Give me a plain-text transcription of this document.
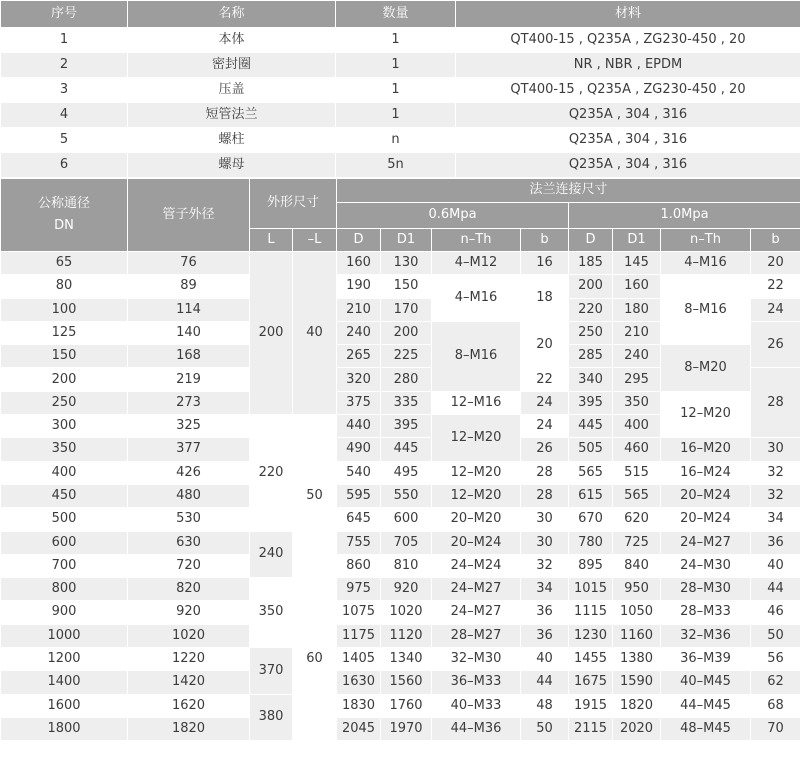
序号	名称	数量	材料
1	本体	1	QT400-15 , Q235A , ZG230-450 , 20
2	密封圈	1	NR , NBR , EPDM
3	压盖	1	QT400-15 , Q235A , ZG230-450 , 20
4	短管法兰	1	Q235A , 304 , 316
5	螺柱	n	Q235A , 304 , 316
6	螺母	5n	Q235A , 304 , 316
公称通径
DN	管子外径	外形尺寸		法兰连接尺寸							
				0.6Mpa				1.0Mpa			
		L	–L	D	D1	n–Th	b	D	D1	n–Th	b
65	76	200	40	160	130	4–M12	16	185	145	4–M16	20
80	89			190	150	4–M16	18	200	160	8–M16	22
100	114			210	170			220	180		24
125	140			240	200	8–M16	20	250	210		26
150	168			265	225			285	240	8–M20	
200	219			320	280		22	340	295		28
250	273			375	335	12–M16	24	395	350	12–M20	
300	325	220	50	440	395	12–M20	24	445	400		
350	377			490	445		26	505	460	16–M20	30
400	426			540	495	12–M20	28	565	515	16–M24	32
450	480			595	550	12–M20	28	615	565	20–M24	32
500	530			645	600	20–M20	30	670	620	20–M24	34
600	630	240		755	705	20–M24	30	780	725	24–M27	36
700	720			860	810	24–M24	32	895	840	24–M30	40
800	820	350	60	975	920	24–M27	34	1015	950	28–M30	44
900	920			1075	1020	24–M27	36	1115	1050	28–M33	46
1000	1020			1175	1120	28–M27	36	1230	1160	32–M36	50
1200	1220	370		1405	1340	32–M30	40	1455	1380	36–M39	56
1400	1420			1630	1560	36–M33	44	1675	1590	40–M45	62
1600	1620	380		1830	1760	40–M33	48	1915	1820	44–M45	68
1800	1820			2045	1970	44–M36	50	2115	2020	48–M45	70
